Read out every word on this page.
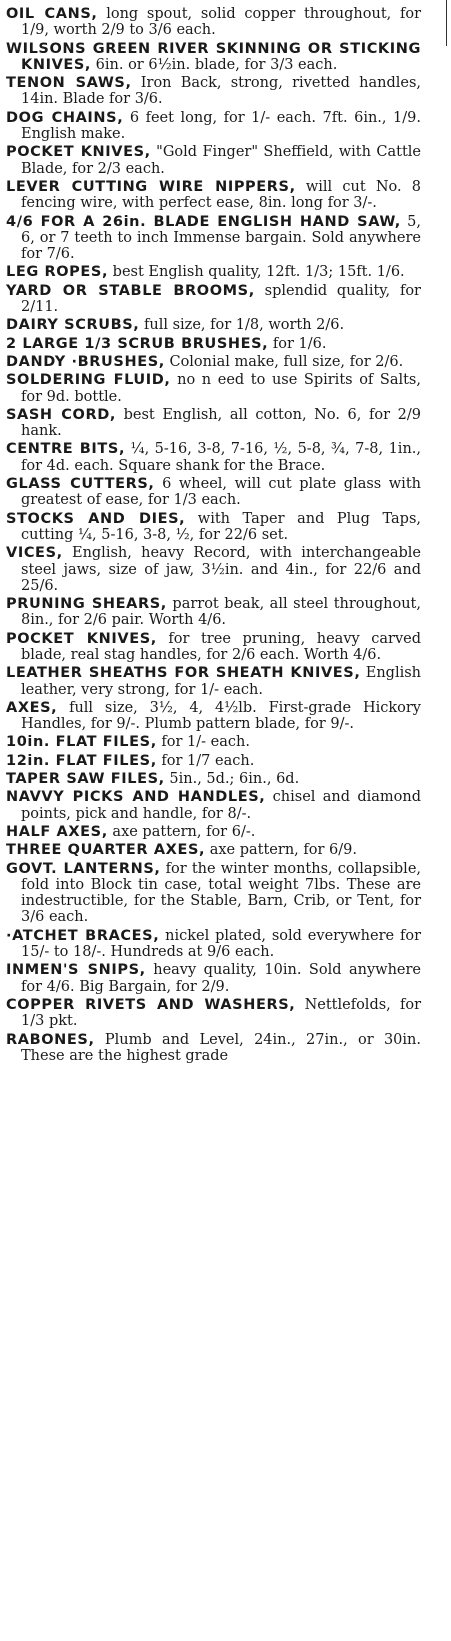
OIL CANS, long spout, solid copper throughout, for 1/9, worth 2/9 to 3/6 each.

WILSONS GREEN RIVER SKINNING OR STICKING KNIVES, 6in. or 6½in. blade, for 3/3 each.

TENON SAWS, Iron Back, strong, rivetted handles, 14in. Blade for 3/6.

DOG CHAINS, 6 feet long, for 1/- each. 7ft. 6in., 1/9. English make.

POCKET KNIVES, "Gold Finger" Sheffield, with Cattle Blade, for 2/3 each.

LEVER CUTTING WIRE NIPPERS, will cut No. 8 fencing wire, with perfect ease, 8in. long for 3/-.

4/6 FOR A 26in. BLADE ENGLISH HAND SAW, 5, 6, or 7 teeth to inch Immense bargain. Sold anywhere for 7/6.

LEG ROPES, best English quality, 12ft. 1/3; 15ft. 1/6.

YARD OR STABLE BROOMS, splendid quality, for 2/11.

DAIRY SCRUBS, full size, for 1/8, worth 2/6.

2 LARGE 1/3 SCRUB BRUSHES, for 1/6.

DANDY ·BRUSHES, Colonial make, full size, for 2/6.

SOLDERING FLUID, no n eed to use Spirits of Salts, for 9d. bottle.

SASH CORD, best English, all cotton, No. 6, for 2/9 hank.

CENTRE BITS, ¼, 5-16, 3-8, 7-16, ½, 5-8, ¾, 7-8, 1in., for 4d. each. Square shank for the Brace.

GLASS CUTTERS, 6 wheel, will cut plate glass with greatest of ease, for 1/3 each.

STOCKS AND DIES, with Taper and Plug Taps, cutting ¼, 5-16, 3-8, ½, for 22/6 set.

VICES, English, heavy Record, with interchangeable steel jaws, size of jaw, 3½in. and 4in., for 22/6 and 25/6.

PRUNING SHEARS, parrot beak, all steel throughout, 8in., for 2/6 pair. Worth 4/6.

POCKET KNIVES, for tree pruning, heavy carved blade, real stag handles, for 2/6 each. Worth 4/6.

LEATHER SHEATHS FOR SHEATH KNIVES, English leather, very strong, for 1/- each.

AXES, full size, 3½, 4, 4½lb. First-grade Hickory Handles, for 9/-. Plumb pattern blade, for 9/-.

10in. FLAT FILES, for 1/- each.

12in. FLAT FILES, for 1/7 each.

TAPER SAW FILES, 5in., 5d.; 6in., 6d.

NAVVY PICKS AND HANDLES, chisel and diamond points, pick and handle, for 8/-.

HALF AXES, axe pattern, for 6/-.

THREE QUARTER AXES, axe pattern, for 6/9.

GOVT. LANTERNS, for the winter months, collapsible, fold into Block tin case, total weight 7lbs. These are indestructible, for the Stable, Barn, Crib, or Tent, for 3/6 each.

·ATCHET BRACES, nickel plated, sold everywhere for 15/- to 18/-. Hundreds at 9/6 each.

INMEN'S SNIPS, heavy quality, 10in. Sold anywhere for 4/6. Big Bargain, for 2/9.

COPPER RIVETS AND WASHERS, Nettlefolds, for 1/3 pkt.

RABONES, Plumb and Level, 24in., 27in., or 30in. These are the highest grade
